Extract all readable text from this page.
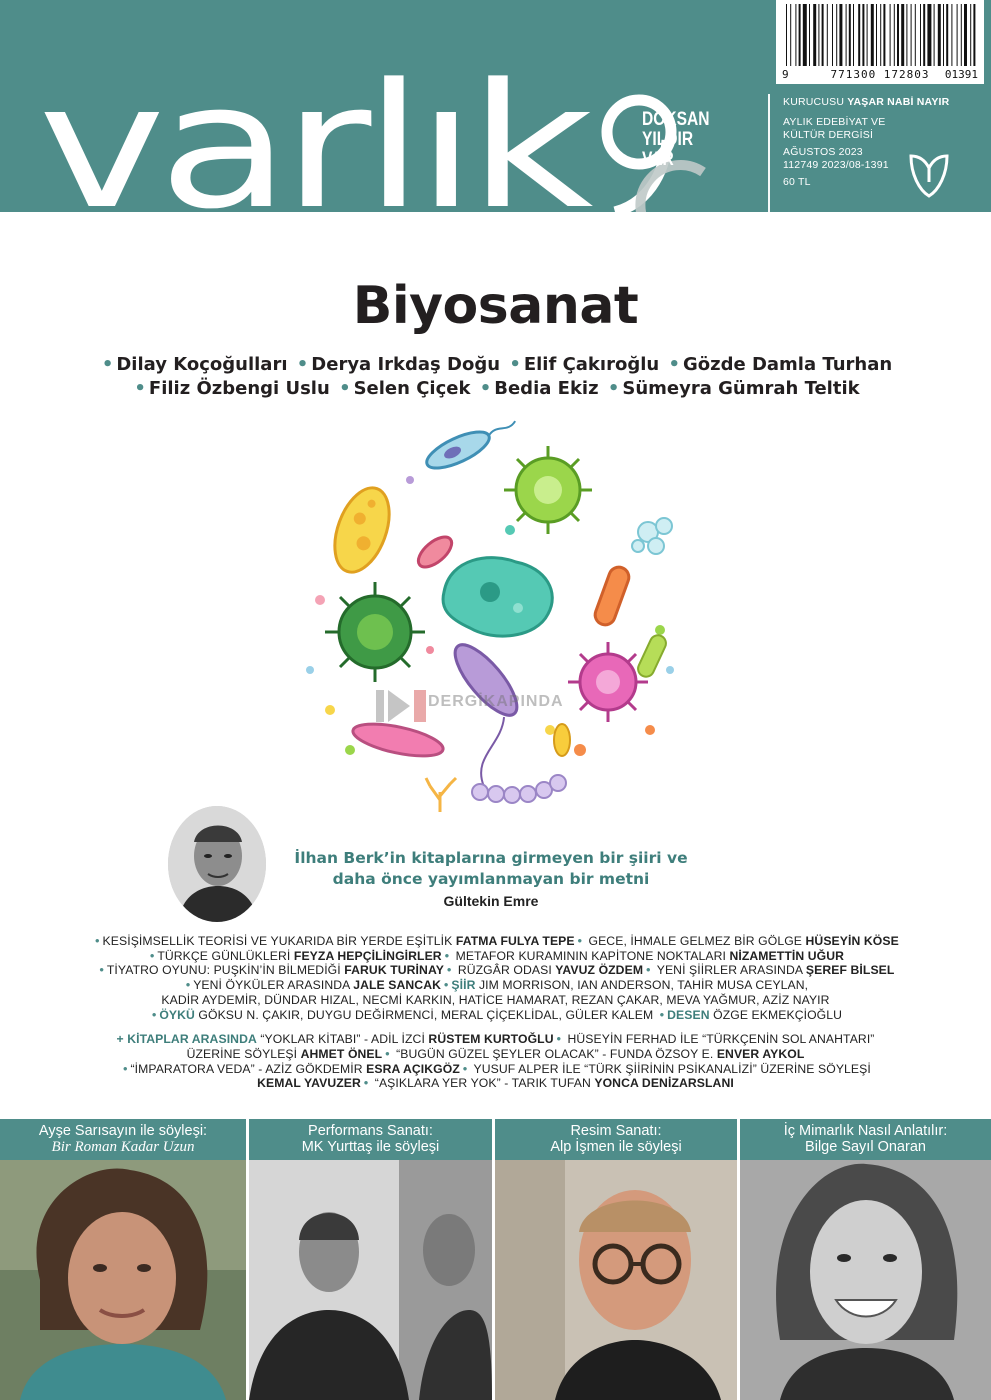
varlık	DOKSAN
YILDIR
VAR
9	771300 172803	01391
KURUCUSU YAŞAR NABİ NAYIR
AYLIK EDEBİYAT VE
KÜLTÜR DERGİSİ
AĞUSTOS 2023
112749 2023/08-1391
60 TL
Biyosanat
• Dilay Koçoğulları • Derya Irkdaş Doğu • Elif Çakıroğlu • Gözde Damla Turhan
• Filiz Özbengi Uslu • Selen Çiçek • Bedia Ekiz • Sümeyra Gümrah Teltik
DERGİKAPINDA
İlhan Berk’in kitaplarına girmeyen bir şiiri ve
daha önce yayımlanmayan bir metni
Gültekin Emre
• KESİŞİMSELLİK TEORİSİ VE YUKARIDA BİR YERDE EŞİTLİK FATMA FULYA TEPE • GECE, İHMALE GELMEZ BİR GÖLGE HÜSEYİN KÖSE
• TÜRKÇE GÜNLÜKLERİ FEYZA HEPÇİLİNGİRLER • METAFOR KURAMININ KAPİTONE NOKTALARI NİZAMETTİN UĞUR
• TİYATRO OYUNU: PUŞKİN’İN BİLMEDİĞİ FARUK TURİNAY • RÜZGÂR ODASI YAVUZ ÖZDEM • YENİ ŞİİRLER ARASINDA ŞEREF BİLSEL
• YENİ ÖYKÜLER ARASINDA JALE SANCAK • ŞİİR JIM MORRISON, IAN ANDERSON, TAHİR MUSA CEYLAN,
KADİR AYDEMİR, DÜNDAR HIZAL, NECMİ KARKIN, HATİCE HAMARAT, REZAN ÇAKAR, MEVA YAĞMUR, AZİZ NAYIR
• ÖYKÜ GÖKSU N. ÇAKIR, DUYGU DEĞİRMENCİ, MERAL ÇİÇEKLİDAL, GÜLER KALEM • DESEN ÖZGE EKMEKÇİOĞLU
+ KİTAPLAR ARASINDA “YOKLAR KİTABI” - ADİL İZCİ RÜSTEM KURTOĞLU • HÜSEYİN FERHAD İLE “TÜRKÇENİN SOL ANAHTARI”
ÜZERİNE SÖYLEŞİ AHMET ÖNEL • “BUGÜN GÜZEL ŞEYLER OLACAK” - FUNDA ÖZSOY E. ENVER AYKOL
• “İMPARATORA VEDA” - AZİZ GÖKDEMİR ESRA AÇIKGÖZ • YUSUF ALPER İLE “TÜRK ŞİİRİNİN PSİKANALİZİ” ÜZERİNE SÖYLEŞİ
KEMAL YAVUZER • “AŞIKLARA YER YOK” - TARIK TUFAN YONCA DENİZARSLANI
Ayşe Sarısayın ile söyleşi:
Bir Roman Kadar Uzun
Performans Sanatı:
MK Yurttaş ile söyleşi
Resim Sanatı:
Alp İşmen ile söyleşi
İç Mimarlık Nasıl Anlatılır:
Bilge Sayıl Onaran
